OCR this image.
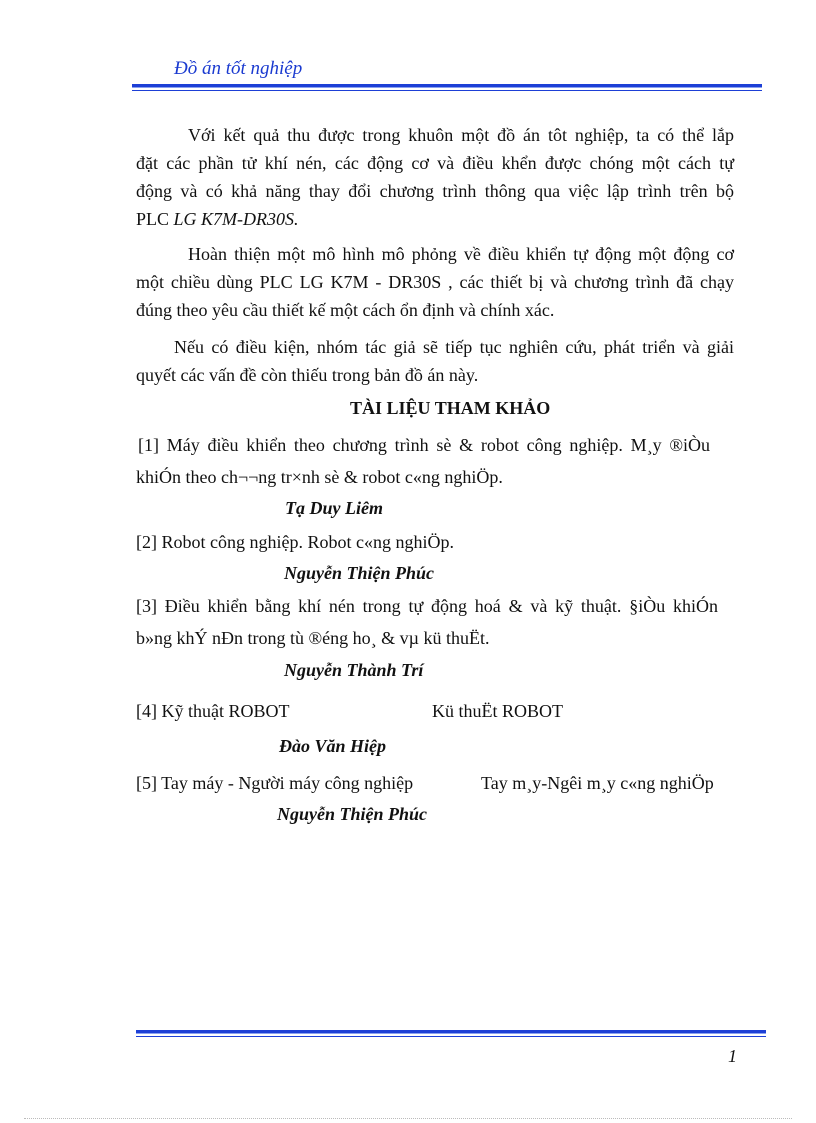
Đồ án tốt nghiệp
Với kết quả thu được trong khuôn một đồ án tôt nghiệp, ta có thể lắp
đặt các phần tử khí nén, các động cơ và điều khển được chóng một cách tự
động và có khả năng thay đổi chương trình thông qua việc lập trình trên bộ
PLC LG K7M-DR30S.
Hoàn thiện một mô hình mô phỏng về điều khiển tự động một động cơ
một chiều dùng PLC LG K7M - DR30S , các thiết bị và chương trình đã chạy
đúng theo yêu cầu thiết kế một cách ổn định và chính xác.
Nếu có điều kiện, nhóm tác giả sẽ tiếp tục nghiên cứu, phát triển và giải
quyết các vấn đề còn thiếu trong bản đồ án này.
TÀI LIỆU THAM KHẢO
[1] Máy điều khiển theo chương trình sè & robot công nghiệp. M¸y ®iÒu
khiÓn theo ch¬¬ng tr×nh sè & robot c«ng nghiÖp.
Tạ Duy Liêm
[2] Robot công nghiệp. Robot c«ng nghiÖp.
Nguyễn Thiện Phúc
[3] Điều khiển bằng khí nén trong tự động hoá & và kỹ thuật. §iÒu khiÓn
b»ng khÝ nÐn trong tù ®éng ho¸ & vµ kü thuËt.
Nguyễn Thành Trí
[4] Kỹ thuật ROBOT	Kü thuËt ROBOT
Đào Văn Hiệp
[5] Tay máy - Người máy công nghiệp	Tay m¸y-Ngêi m¸y c«ng nghiÖp
Nguyễn Thiện Phúc
1
